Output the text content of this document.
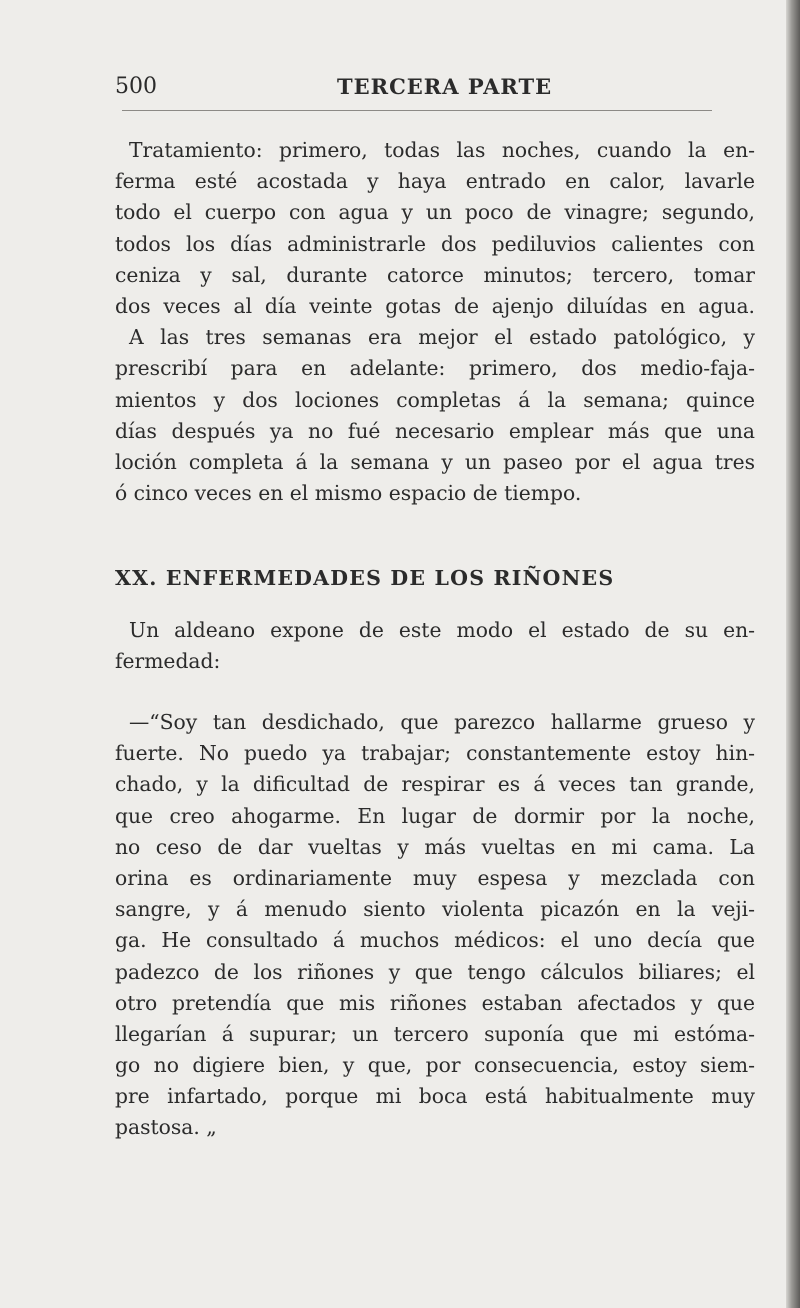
500	TERCERA PARTE
Tratamiento: primero, todas las noches, cuando la en-
ferma esté acostada y haya entrado en calor, lavarle
todo el cuerpo con agua y un poco de vinagre; segundo,
todos los días administrarle dos pediluvios calientes con
ceniza y sal, durante catorce minutos; tercero, tomar
dos veces al día veinte gotas de ajenjo diluídas en agua.
A las tres semanas era mejor el estado patológico, y
prescribí para en adelante: primero, dos medio-faja-
mientos y dos lociones completas á la semana; quince
días después ya no fué necesario emplear más que una
loción completa á la semana y un paseo por el agua tres
ó cinco veces en el mismo espacio de tiempo.
XX. ENFERMEDADES DE LOS RIÑONES
Un aldeano expone de este modo el estado de su en-
fermedad:
—“Soy tan desdichado, que parezco hallarme grueso y
fuerte. No puedo ya trabajar; constantemente estoy hin-
chado, y la dificultad de respirar es á veces tan grande,
que creo ahogarme. En lugar de dormir por la noche,
no ceso de dar vueltas y más vueltas en mi cama. La
orina es ordinariamente muy espesa y mezclada con
sangre, y á menudo siento violenta picazón en la veji-
ga. He consultado á muchos médicos: el uno decía que
padezco de los riñones y que tengo cálculos biliares; el
otro pretendía que mis riñones estaban afectados y que
llegarían á supurar; un tercero suponía que mi estóma-
go no digiere bien, y que, por consecuencia, estoy siem-
pre infartado, porque mi boca está habitualmente muy
pastosa. „
